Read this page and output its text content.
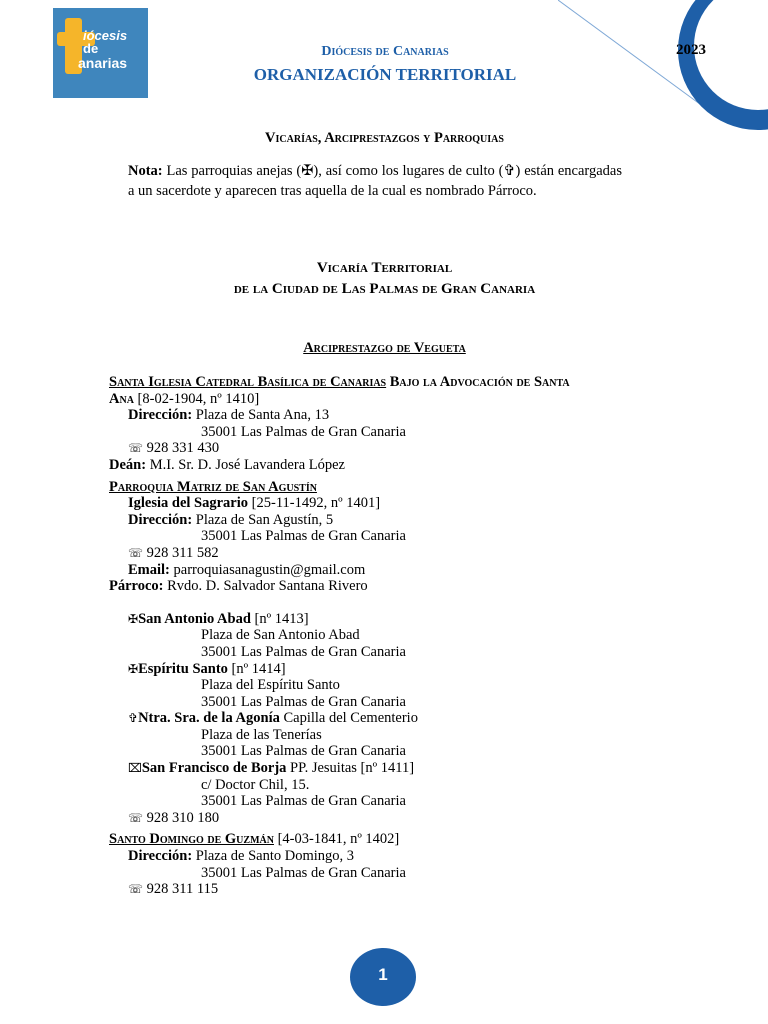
iócesis
de
anarias
2023
Diócesis de Canarias
ORGANIZACIÓN TERRITORIAL
Vicarías, Arciprestazgos y Parroquias
Nota: Las parroquias anejas (✠), así como los lugares de culto (✞) están encargadas a un sacerdote y aparecen tras aquella de la cual es nombrado Párroco.
Vicaría Territorial
de la Ciudad de Las Palmas de Gran Canaria
Arciprestazgo de Vegueta
Santa Iglesia Catedral Basílica de Canarias Bajo la Advocación de Santa
Ana [8-02-1904, nº 1410]
Dirección: Plaza de Santa Ana, 13
35001 Las Palmas de Gran Canaria
☏ 928 331 430
Deán: M.I. Sr. D. José Lavandera López
Parroquia Matriz de San Agustín
Iglesia del Sagrario [25-11-1492, nº 1401]
Dirección: Plaza de San Agustín, 5
35001 Las Palmas de Gran Canaria
☏ 928 311 582
Email: parroquiasanagustin@gmail.com
Párroco: Rvdo. D. Salvador Santana Rivero
✠San Antonio Abad [nº 1413]
Plaza de San Antonio Abad
35001 Las Palmas de Gran Canaria
✠Espíritu Santo [nº 1414]
Plaza del Espíritu Santo
35001 Las Palmas de Gran Canaria
✞Ntra. Sra. de la Agonía Capilla del Cementerio
Plaza de las Tenerías
35001 Las Palmas de Gran Canaria
⌧San Francisco de Borja PP. Jesuitas [nº 1411]
c/ Doctor Chil, 15.
35001 Las Palmas de Gran Canaria
☏ 928 310 180
Santo Domingo de Guzmán [4-03-1841, nº 1402]
Dirección: Plaza de Santo Domingo, 3
35001 Las Palmas de Gran Canaria
☏ 928 311 115
1
